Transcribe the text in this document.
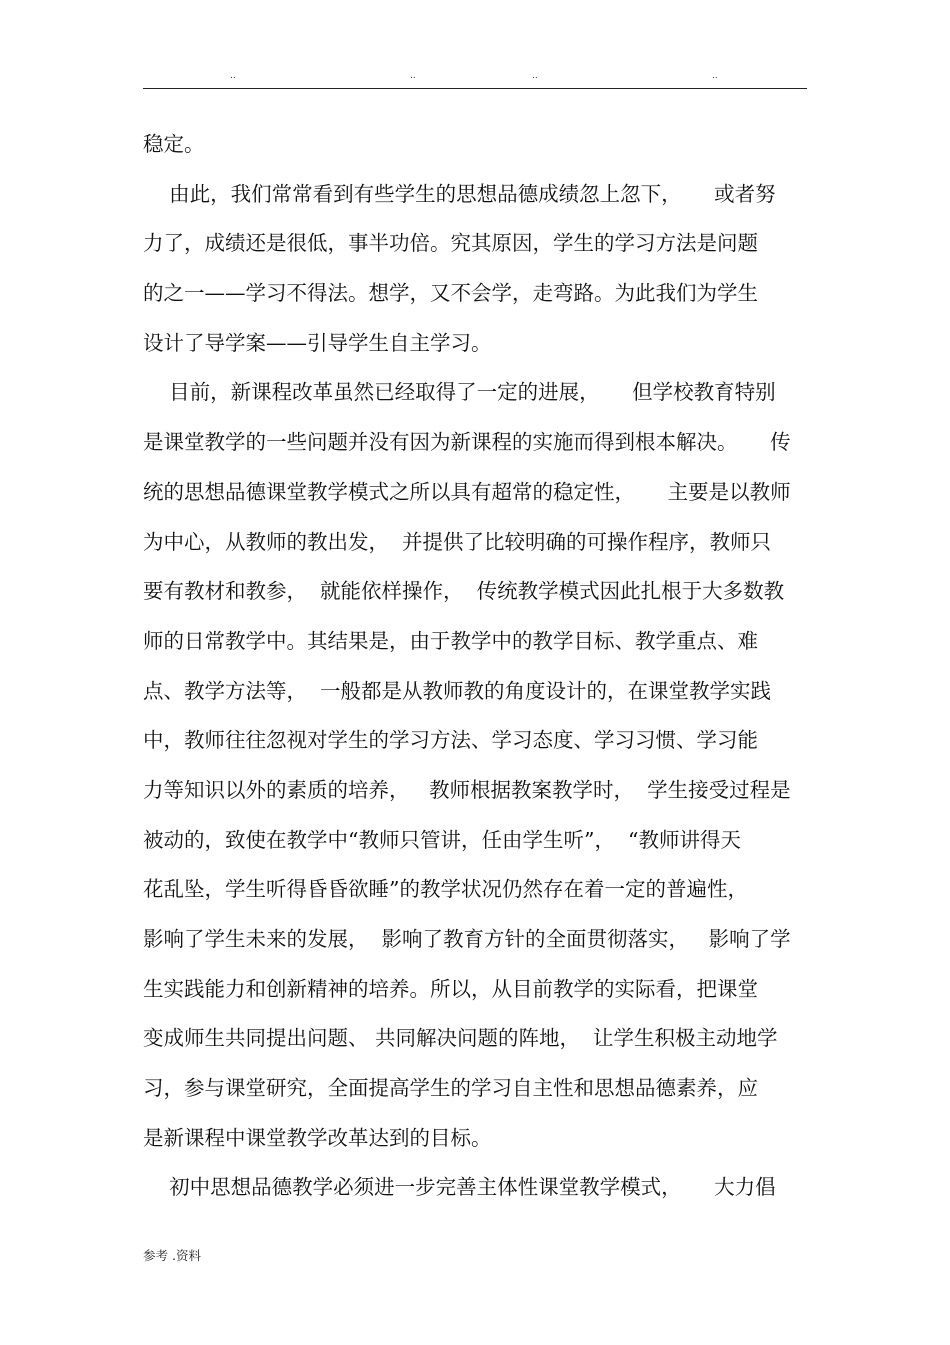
..	..	..	..
稳定。
由此，我们常常看到有些学生的思想品德成绩忽上忽下，     或者努
力了，成绩还是很低，事半功倍。究其原因，学生的学习方法是问题
的之一——学习不得法。想学，又不会学，走弯路。为此我们为学生
设计了导学案——引导学生自主学习。
目前，新课程改革虽然已经取得了一定的进展，     但学校教育特别
是课堂教学的一些问题并没有因为新课程的实施而得到根本解决。     传
统的思想品德课堂教学模式之所以具有超常的稳定性，     主要是以教师
为中心，从教师的教出发，  并提供了比较明确的可操作程序，教师只
要有教材和教参，  就能依样操作，  传统教学模式因此扎根于大多数教
师的日常教学中。其结果是，由于教学中的教学目标、教学重点、难
点、教学方法等，  一般都是从教师教的角度设计的，在课堂教学实践
中，教师往往忽视对学生的学习方法、学习态度、学习习惯、学习能
力等知识以外的素质的培养，   教师根据教案教学时，  学生接受过程是
被动的，致使在教学中“教师只管讲，任由学生听”，  “教师讲得天
花乱坠，学生听得昏昏欲睡”的教学状况仍然存在着一定的普遍性，
影响了学生未来的发展，  影响了教育方针的全面贯彻落实，   影响了学
生实践能力和创新精神的培养。所以，从目前教学的实际看，把课堂
变成师生共同提出问题、 共同解决问题的阵地，  让学生积极主动地学
习，参与课堂研究，全面提高学生的学习自主性和思想品德素养，应
是新课程中课堂教学改革达到的目标。
初中思想品德教学必须进一步完善主体性课堂教学模式，     大力倡
参考 .资料
